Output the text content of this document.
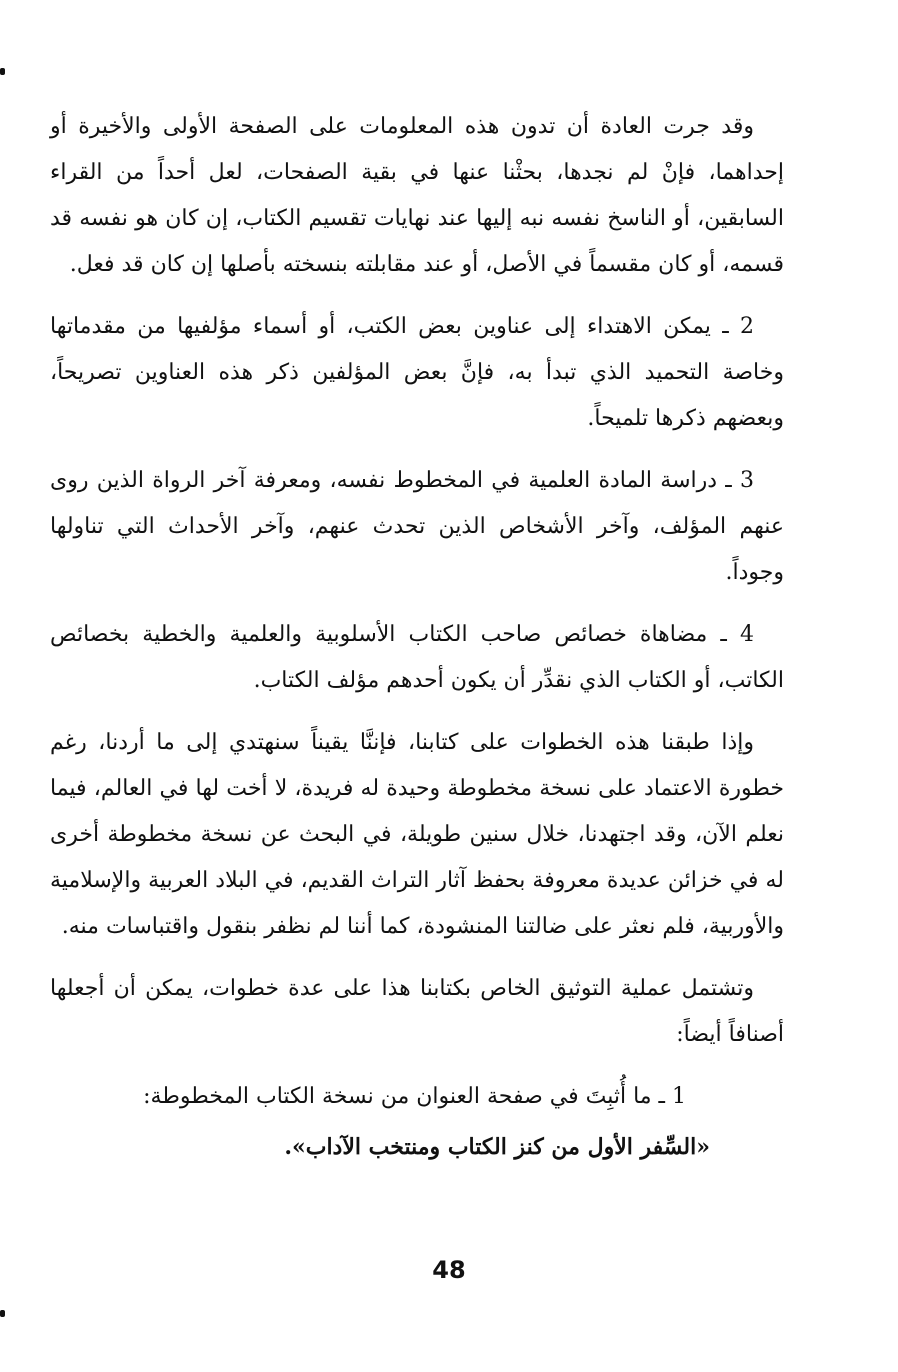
وقد جرت العادة أن تدون هذه المعلومات على الصفحة الأولى والأخيرة أو إحداهما، فإنْ لم نجدها، بحثْنا عنها في بقية الصفحات، لعل أحداً من القراء السابقين، أو الناسخ نفسه نبه إليها عند نهايات تقسيم الكتاب، إن كان هو نفسه قد قسمه، أو كان مقسماً في الأصل، أو عند مقابلته بنسخته بأصلها إن كان قد فعل.

2 ـ يمكن الاهتداء إلى عناوين بعض الكتب، أو أسماء مؤلفيها من مقدماتها وخاصة التحميد الذي تبدأ به، فإنَّ بعض المؤلفين ذكر هذه العناوين تصريحاً، وبعضهم ذكرها تلميحاً.

3 ـ دراسة المادة العلمية في المخطوط نفسه، ومعرفة آخر الرواة الذين روى عنهم المؤلف، وآخر الأشخاص الذين تحدث عنهم، وآخر الأحداث التي تناولها وجوداً.

4 ـ مضاهاة خصائص صاحب الكتاب الأسلوبية والعلمية والخطية بخصائص الكاتب، أو الكتاب الذي نقدِّر أن يكون أحدهم مؤلف الكتاب.

وإذا طبقنا هذه الخطوات على كتابنا، فإننَّا يقيناً سنهتدي إلى ما أردنا، رغم خطورة الاعتماد على نسخة مخطوطة وحيدة له فريدة، لا أخت لها في العالم، فيما نعلم الآن، وقد اجتهدنا، خلال سنين طويلة، في البحث عن نسخة مخطوطة أخرى له في خزائن عديدة معروفة بحفظ آثار التراث القديم، في البلاد العربية والإسلامية والأوربية، فلم نعثر على ضالتنا المنشودة، كما أننا لم نظفر بنقول واقتباسات منه.

وتشتمل عملية التوثيق الخاص بكتابنا هذا على عدة خطوات، يمكن أن أجعلها أصنافاً أيضاً:

1 ـ ما أُثبِتَ في صفحة العنوان من نسخة الكتاب المخطوطة:

«السِّفر الأول من كنز الكتاب ومنتخب الآداب».

48
